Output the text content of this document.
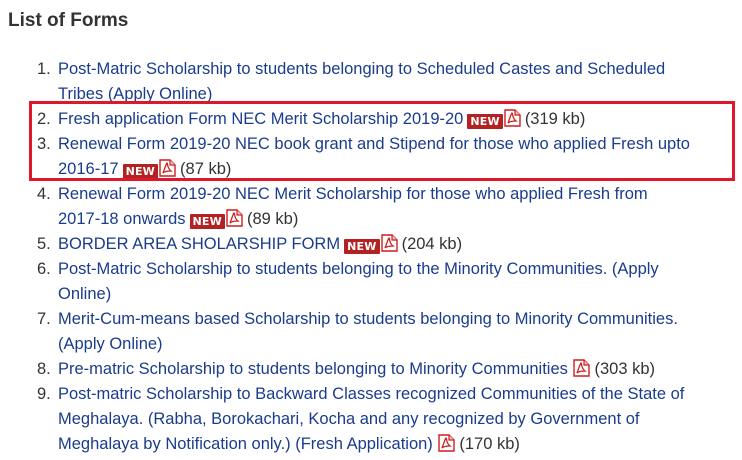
List of Forms
1. Post-Matric Scholarship to students belonging to Scheduled Castes and Scheduled
Tribes (Apply Online)
2. Fresh application Form NEC Merit Scholarship 2019-20 NEW (319 kb)
3. Renewal Form 2019-20 NEC book grant and Stipend for those who applied Fresh upto
2016-17 NEW (87 kb)
4. Renewal Form 2019-20 NEC Merit Scholarship for those who applied Fresh from
2017-18 onwards NEW (89 kb)
5. BORDER AREA SHOLARSHIP FORM NEW (204 kb)
6. Post-Matric Scholarship to students belonging to the Minority Communities. (Apply
Online)
7. Merit-Cum-means based Scholarship to students belonging to Minority Communities.
(Apply Online)
8. Pre-matric Scholarship to students belonging to Minority Communities (303 kb)
9. Post-matric Scholarship to Backward Classes recognized Communities of the State of
Meghalaya. (Rabha, Borokachari, Kocha and any recognized by Government of
Meghalaya by Notification only.) (Fresh Application) (170 kb)
